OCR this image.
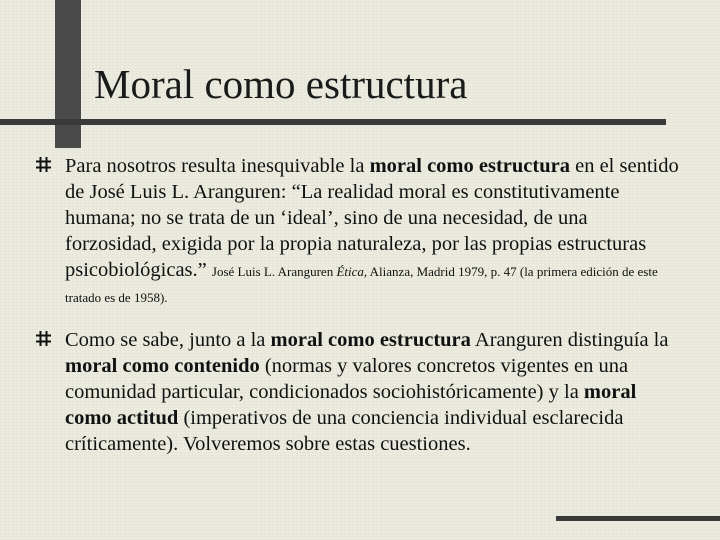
Moral como estructura
Para nosotros resulta inesquivable la moral como estructura en el sentido de José Luis L. Aranguren: “La realidad moral es constitutivamente humana; no se trata de un ‘ideal’, sino de una necesidad, de una forzosidad, exigida por la propia naturaleza, por las propias estructuras psicobiológicas.” José Luis L. Aranguren Ética, Alianza, Madrid 1979, p. 47 (la primera edición de este tratado es de 1958).
Como se sabe, junto a la moral como estructura Aranguren distinguía la moral como contenido (normas y valores concretos vigentes en una comunidad particular, condicionados sociohistóricamente) y la moral como actitud (imperativos de una conciencia individual esclarecida críticamente). Volveremos sobre estas cuestiones.
